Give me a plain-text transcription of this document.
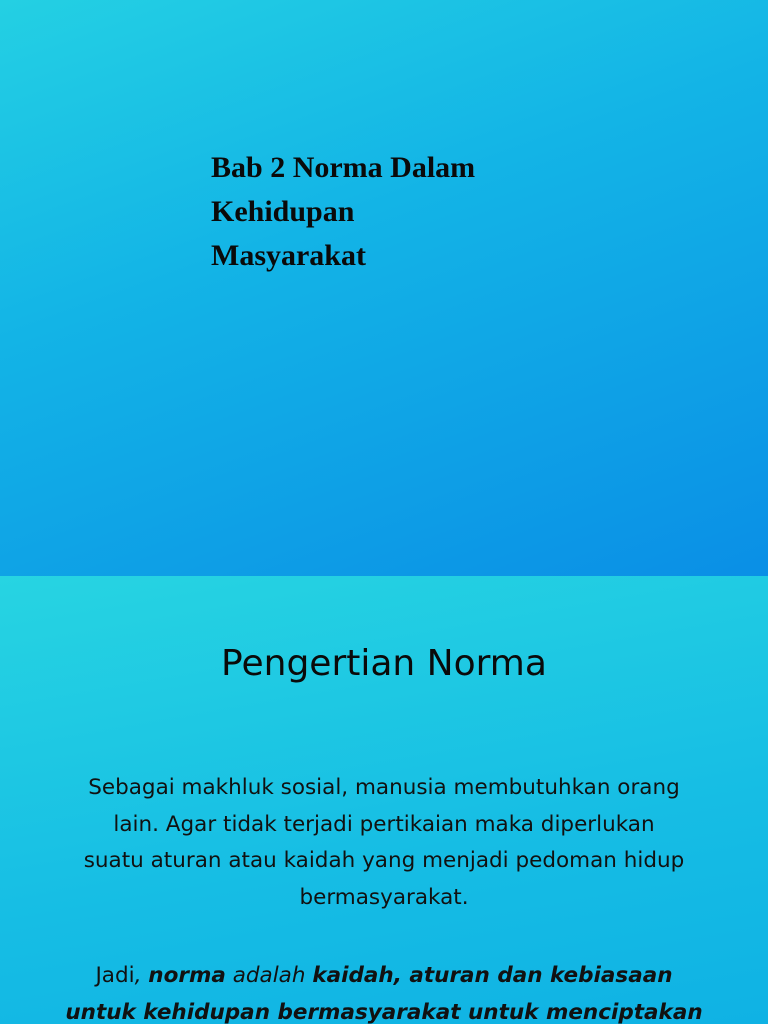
Bab 2 Norma Dalam
Kehidupan
Masyarakat
Pengertian Norma

Sebagai makhluk sosial, manusia membutuhkan orang
lain. Agar tidak terjadi pertikaian maka diperlukan
suatu aturan atau kaidah yang menjadi pedoman hidup
bermasyarakat.

Jadi, norma adalah kaidah, aturan dan kebiasaan
untuk kehidupan bermasyarakat untuk menciptakan
